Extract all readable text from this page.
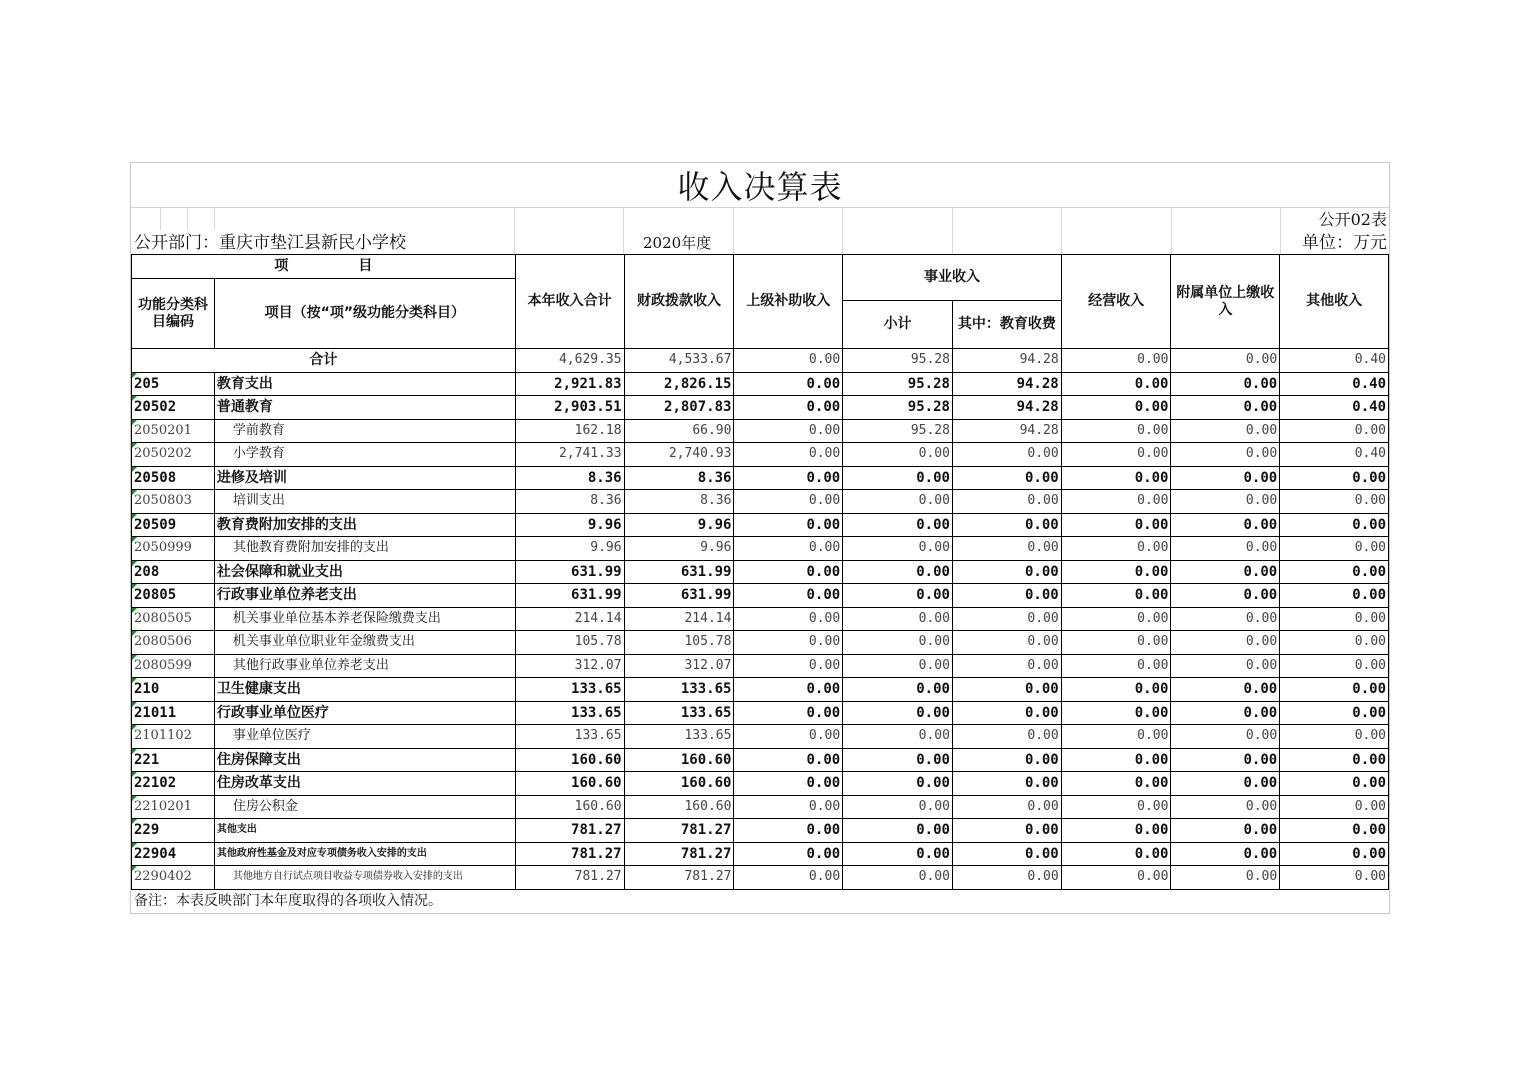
收入决算表
公开02表
公开部门：重庆市垫江县新民小学校	2020年度	单位：万元
项　　　　　目		本年收入合计	财政拨款收入	上级补助收入	事业收入		经营收入	附属单位上缴收入	其他收入
功能分类科目编码	项目（按“项”级功能分类科目）								
					小计	其中：教育收费			
合计		4,629.35	4,533.67	0.00	95.28	94.28	0.00	0.00	0.40
205	教育支出	2,921.83	2,826.15	0.00	95.28	94.28	0.00	0.00	0.40
20502	普通教育	2,903.51	2,807.83	0.00	95.28	94.28	0.00	0.00	0.40
2050201	学前教育	162.18	66.90	0.00	95.28	94.28	0.00	0.00	0.00
2050202	小学教育	2,741.33	2,740.93	0.00	0.00	0.00	0.00	0.00	0.40
20508	进修及培训	8.36	8.36	0.00	0.00	0.00	0.00	0.00	0.00
2050803	培训支出	8.36	8.36	0.00	0.00	0.00	0.00	0.00	0.00
20509	教育费附加安排的支出	9.96	9.96	0.00	0.00	0.00	0.00	0.00	0.00
2050999	其他教育费附加安排的支出	9.96	9.96	0.00	0.00	0.00	0.00	0.00	0.00
208	社会保障和就业支出	631.99	631.99	0.00	0.00	0.00	0.00	0.00	0.00
20805	行政事业单位养老支出	631.99	631.99	0.00	0.00	0.00	0.00	0.00	0.00
2080505	机关事业单位基本养老保险缴费支出	214.14	214.14	0.00	0.00	0.00	0.00	0.00	0.00
2080506	机关事业单位职业年金缴费支出	105.78	105.78	0.00	0.00	0.00	0.00	0.00	0.00
2080599	其他行政事业单位养老支出	312.07	312.07	0.00	0.00	0.00	0.00	0.00	0.00
210	卫生健康支出	133.65	133.65	0.00	0.00	0.00	0.00	0.00	0.00
21011	行政事业单位医疗	133.65	133.65	0.00	0.00	0.00	0.00	0.00	0.00
2101102	事业单位医疗	133.65	133.65	0.00	0.00	0.00	0.00	0.00	0.00
221	住房保障支出	160.60	160.60	0.00	0.00	0.00	0.00	0.00	0.00
22102	住房改革支出	160.60	160.60	0.00	0.00	0.00	0.00	0.00	0.00
2210201	住房公积金	160.60	160.60	0.00	0.00	0.00	0.00	0.00	0.00
229	其他支出	781.27	781.27	0.00	0.00	0.00	0.00	0.00	0.00
22904	其他政府性基金及对应专项债务收入安排的支出	781.27	781.27	0.00	0.00	0.00	0.00	0.00	0.00
2290402	其他地方自行试点项目收益专项债券收入安排的支出	781.27	781.27	0.00	0.00	0.00	0.00	0.00	0.00
备注：本表反映部门本年度取得的各项收入情况。
